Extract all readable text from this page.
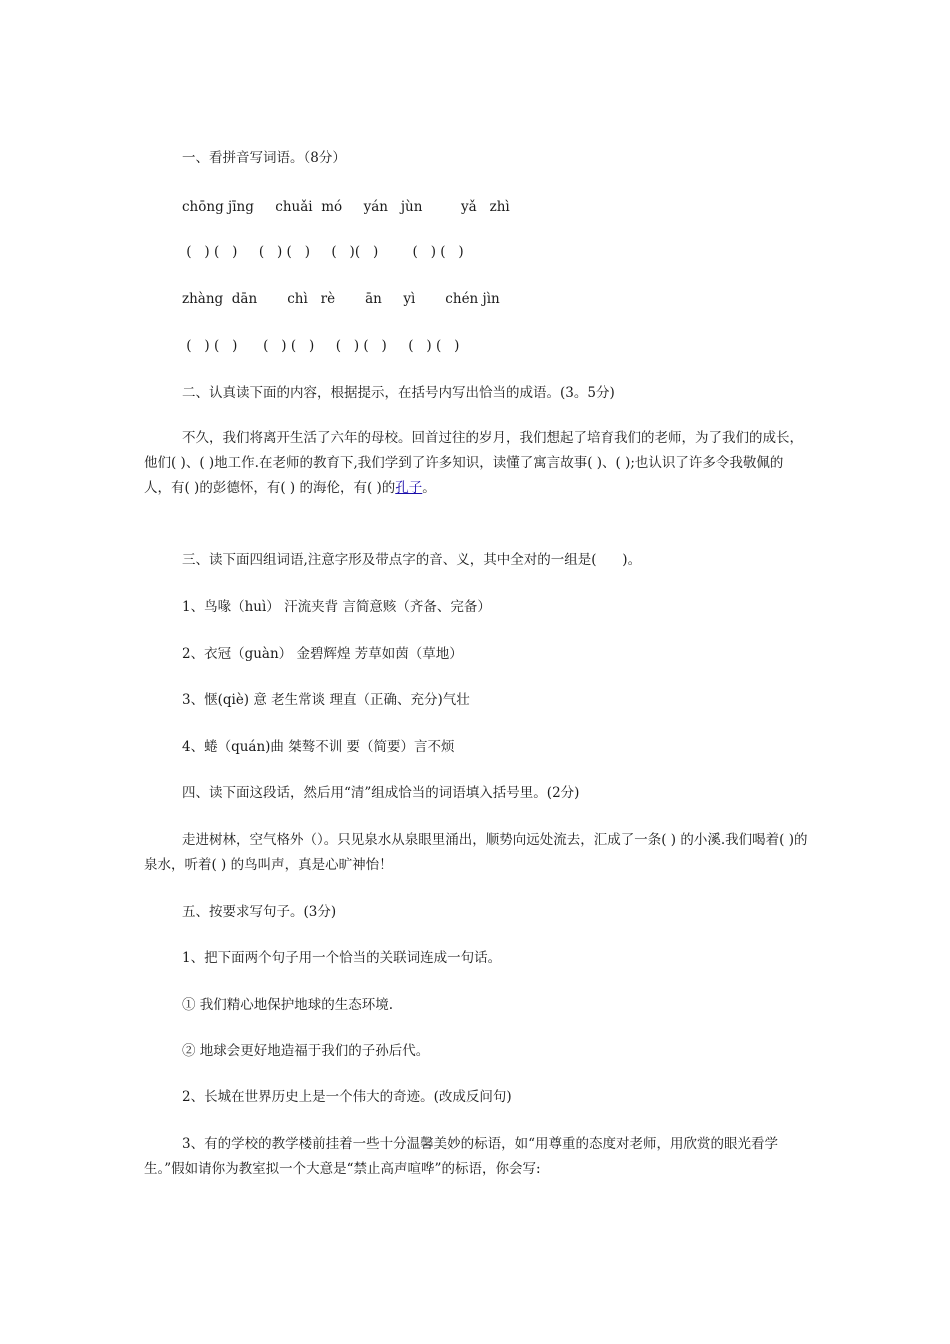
一、看拼音写词语。（8分）
chōng jīng     chuǎi  mó     yán   jùn         yǎ   zhì
(   ) (   )     (   ) (   )     (   )(   )        (   ) (   )
zhàng  dān       chì   rè       ān     yì       chén jìn
(   ) (   )      (   ) (   )     (   ) (   )     (   ) (   )
二、认真读下面的内容，根据提示，在括号内写出恰当的成语。(3。5分)
不久，我们将离开生活了六年的母校。回首过往的岁月，我们想起了培育我们的老师，为了我们的成长，他们( )、( )地工作.在老师的教育下,我们学到了许多知识，读懂了寓言故事( )、( );也认识了许多令我敬佩的人，有( )的彭德怀，有( ) 的海伦，有( )的孔子。
三、读下面四组词语,注意字形及带点字的音、义，其中全对的一组是(      )。
1、鸟喙（huì） 汗流夹背 言简意赅（齐备、完备）
2、衣冠（guàn） 金碧辉煌 芳草如茵（草地）
3、惬(qiè) 意 老生常谈 理直（正确、充分)气壮
4、蜷（quán)曲 桀骜不训 要（简要）言不烦
四、读下面这段话，然后用“清”组成恰当的词语填入括号里。(2分)
走进树林，空气格外（）。只见泉水从泉眼里涌出，顺势向远处流去，汇成了一条( ) 的小溪.我们喝着( )的泉水，听着( ) 的鸟叫声，真是心旷神怡！
五、按要求写句子。(3分)
1、把下面两个句子用一个恰当的关联词连成一句话。
① 我们精心地保护地球的生态环境.
② 地球会更好地造福于我们的子孙后代。
2、长城在世界历史上是一个伟大的奇迹。(改成反问句)
3、有的学校的教学楼前挂着一些十分温馨美妙的标语，如“用尊重的态度对老师，用欣赏的眼光看学生。”假如请你为教室拟一个大意是“禁止高声喧哗”的标语，你会写:
